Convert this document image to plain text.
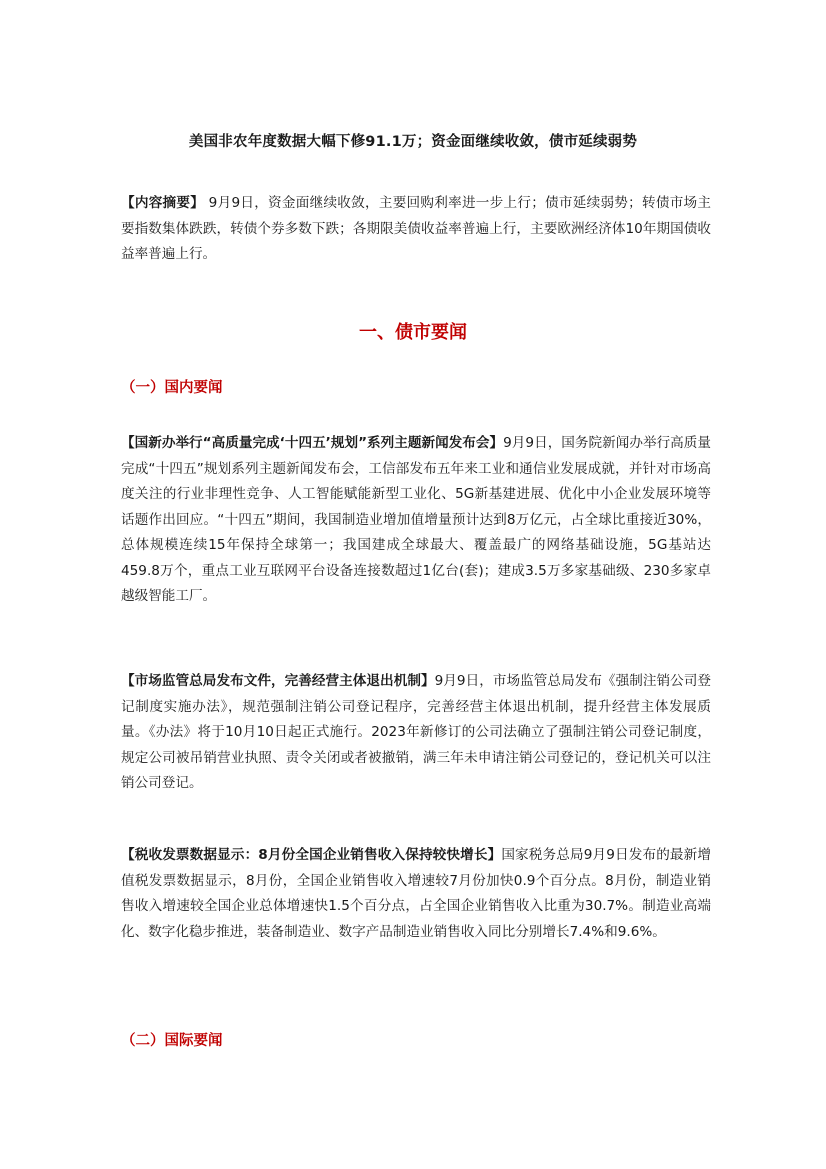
美国非农年度数据大幅下修91.1万；资金面继续收敛，债市延续弱势
【内容摘要】 9月9日，资金面继续收敛，主要回购利率进一步上行；债市延续弱势；转债市场主要指数集体跌跌，转债个券多数下跌；各期限美债收益率普遍上行，主要欧洲经济体10年期国债收益率普遍上行。
一、债市要闻
（一）国内要闻
【国新办举行“高质量完成‘十四五’规划”系列主题新闻发布会】9月9日，国务院新闻办举行高质量完成“十四五”规划系列主题新闻发布会，工信部发布五年来工业和通信业发展成就，并针对市场高度关注的行业非理性竞争、人工智能赋能新型工业化、5G新基建进展、优化中小企业发展环境等话题作出回应。“十四五”期间，我国制造业增加值增量预计达到8万亿元，占全球比重接近30%，总体规模连续15年保持全球第一；我国建成全球最大、覆盖最广的网络基础设施，5G基站达459.8万个，重点工业互联网平台设备连接数超过1亿台(套)；建成3.5万多家基础级、230多家卓越级智能工厂。
【市场监管总局发布文件，完善经营主体退出机制】9月9日，市场监管总局发布《强制注销公司登记制度实施办法》，规范强制注销公司登记程序，完善经营主体退出机制，提升经营主体发展质量。《办法》将于10月10日起正式施行。2023年新修订的公司法确立了强制注销公司登记制度，规定公司被吊销营业执照、责令关闭或者被撤销，满三年未申请注销公司登记的，登记机关可以注销公司登记。
【税收发票数据显示：8月份全国企业销售收入保持较快增长】国家税务总局9月9日发布的最新增值税发票数据显示，8月份，全国企业销售收入增速较7月份加快0.9个百分点。8月份，制造业销售收入增速较全国企业总体增速快1.5个百分点，占全国企业销售收入比重为30.7%。制造业高端化、数字化稳步推进，装备制造业、数字产品制造业销售收入同比分别增长7.4%和9.6%。
（二）国际要闻
